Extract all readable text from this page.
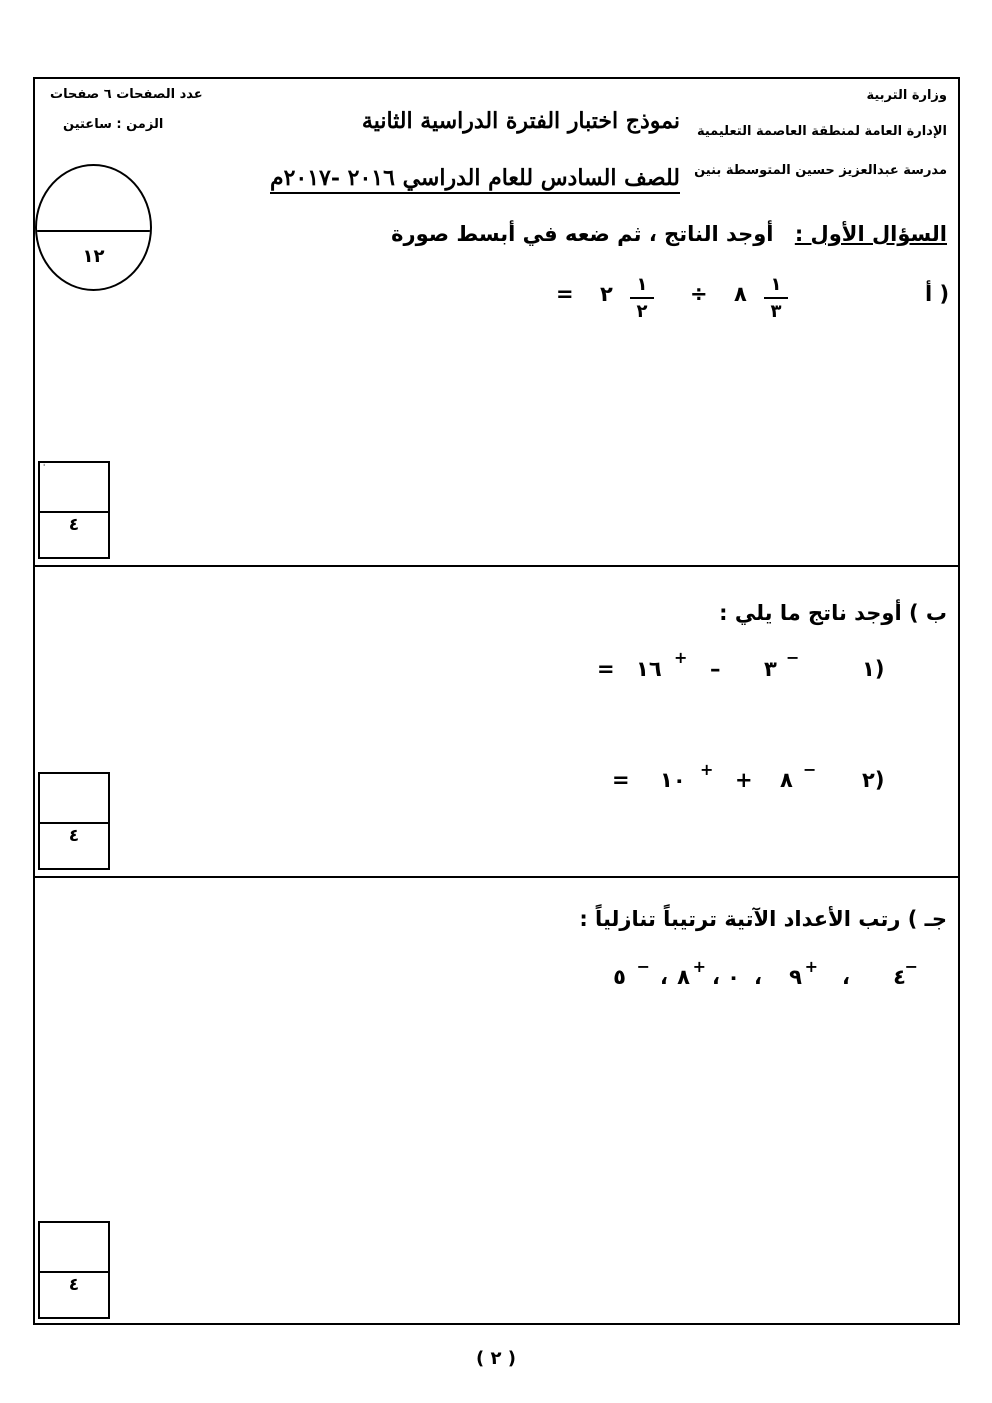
وزارة التربية
الإدارة العامة لمنطقة العاصمة التعليمية
مدرسة عبدالعزيز حسين المتوسطة بنين
عدد الصفحات ٦ صفحات
الزمن : ساعتين	نموذج اختبار الفترة الدراسية الثانية
للصف السادس للعام الدراسي ٢٠١٦ -٢٠١٧م
١٢
السؤال الأول : أوجد الناتج ، ثم ضعه في أبسط صورة
أ )
١
٣
٨
÷
١
٢
٢
=
ˈ
٤
ب ) أوجد ناتج ما يلي :
١)
−
٣
–
+
١٦
=
٢)
−
٨
+
+
١٠
=
٤
جـ ) رتب الأعداد الآتية ترتيباً تنازلياً :
−
٤
،
+
٩
،
٠
،
+
٨
،
−
٥
٤
( ٢ )
